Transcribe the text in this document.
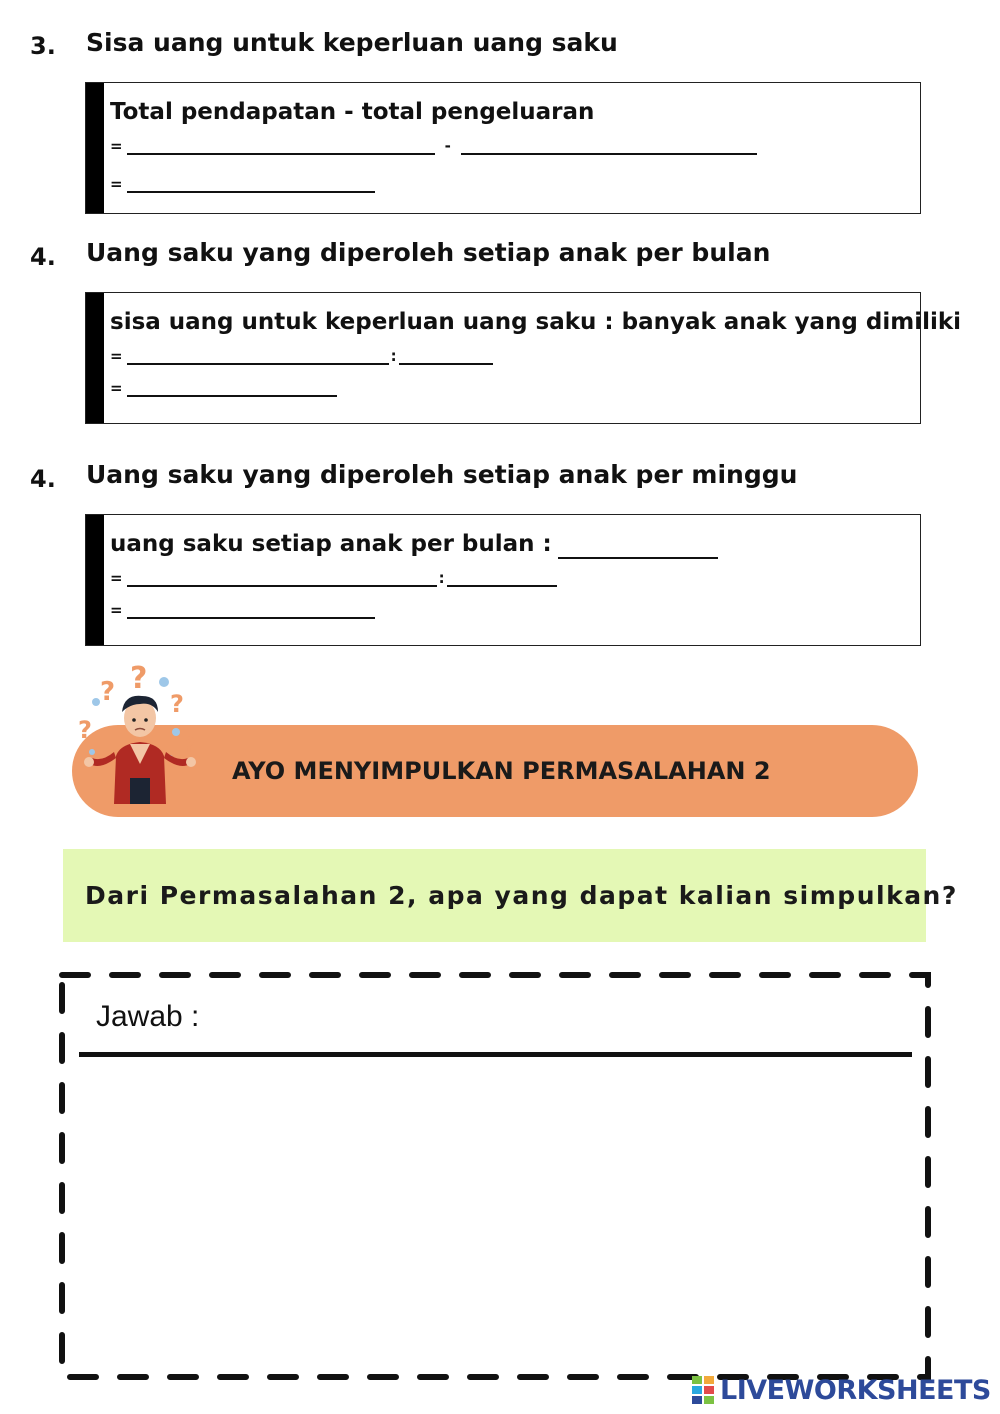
3. Sisa uang untuk keperluan uang saku
Total pendapatan - total pengeluaran
=	-
=
4. Uang saku yang diperoleh setiap anak per bulan
sisa uang untuk keperluan uang saku : banyak anak yang dimiliki
=	:
=
4. Uang saku yang diperoleh setiap anak per minggu
uang saku setiap anak per bulan :
=	:
=
AYO MENYIMPULKAN PERMASALAHAN 2
? ?
?
?
?
Dari Permasalahan 2, apa yang dapat kalian simpulkan?
Jawab :
LIVEWORKSHEETS
